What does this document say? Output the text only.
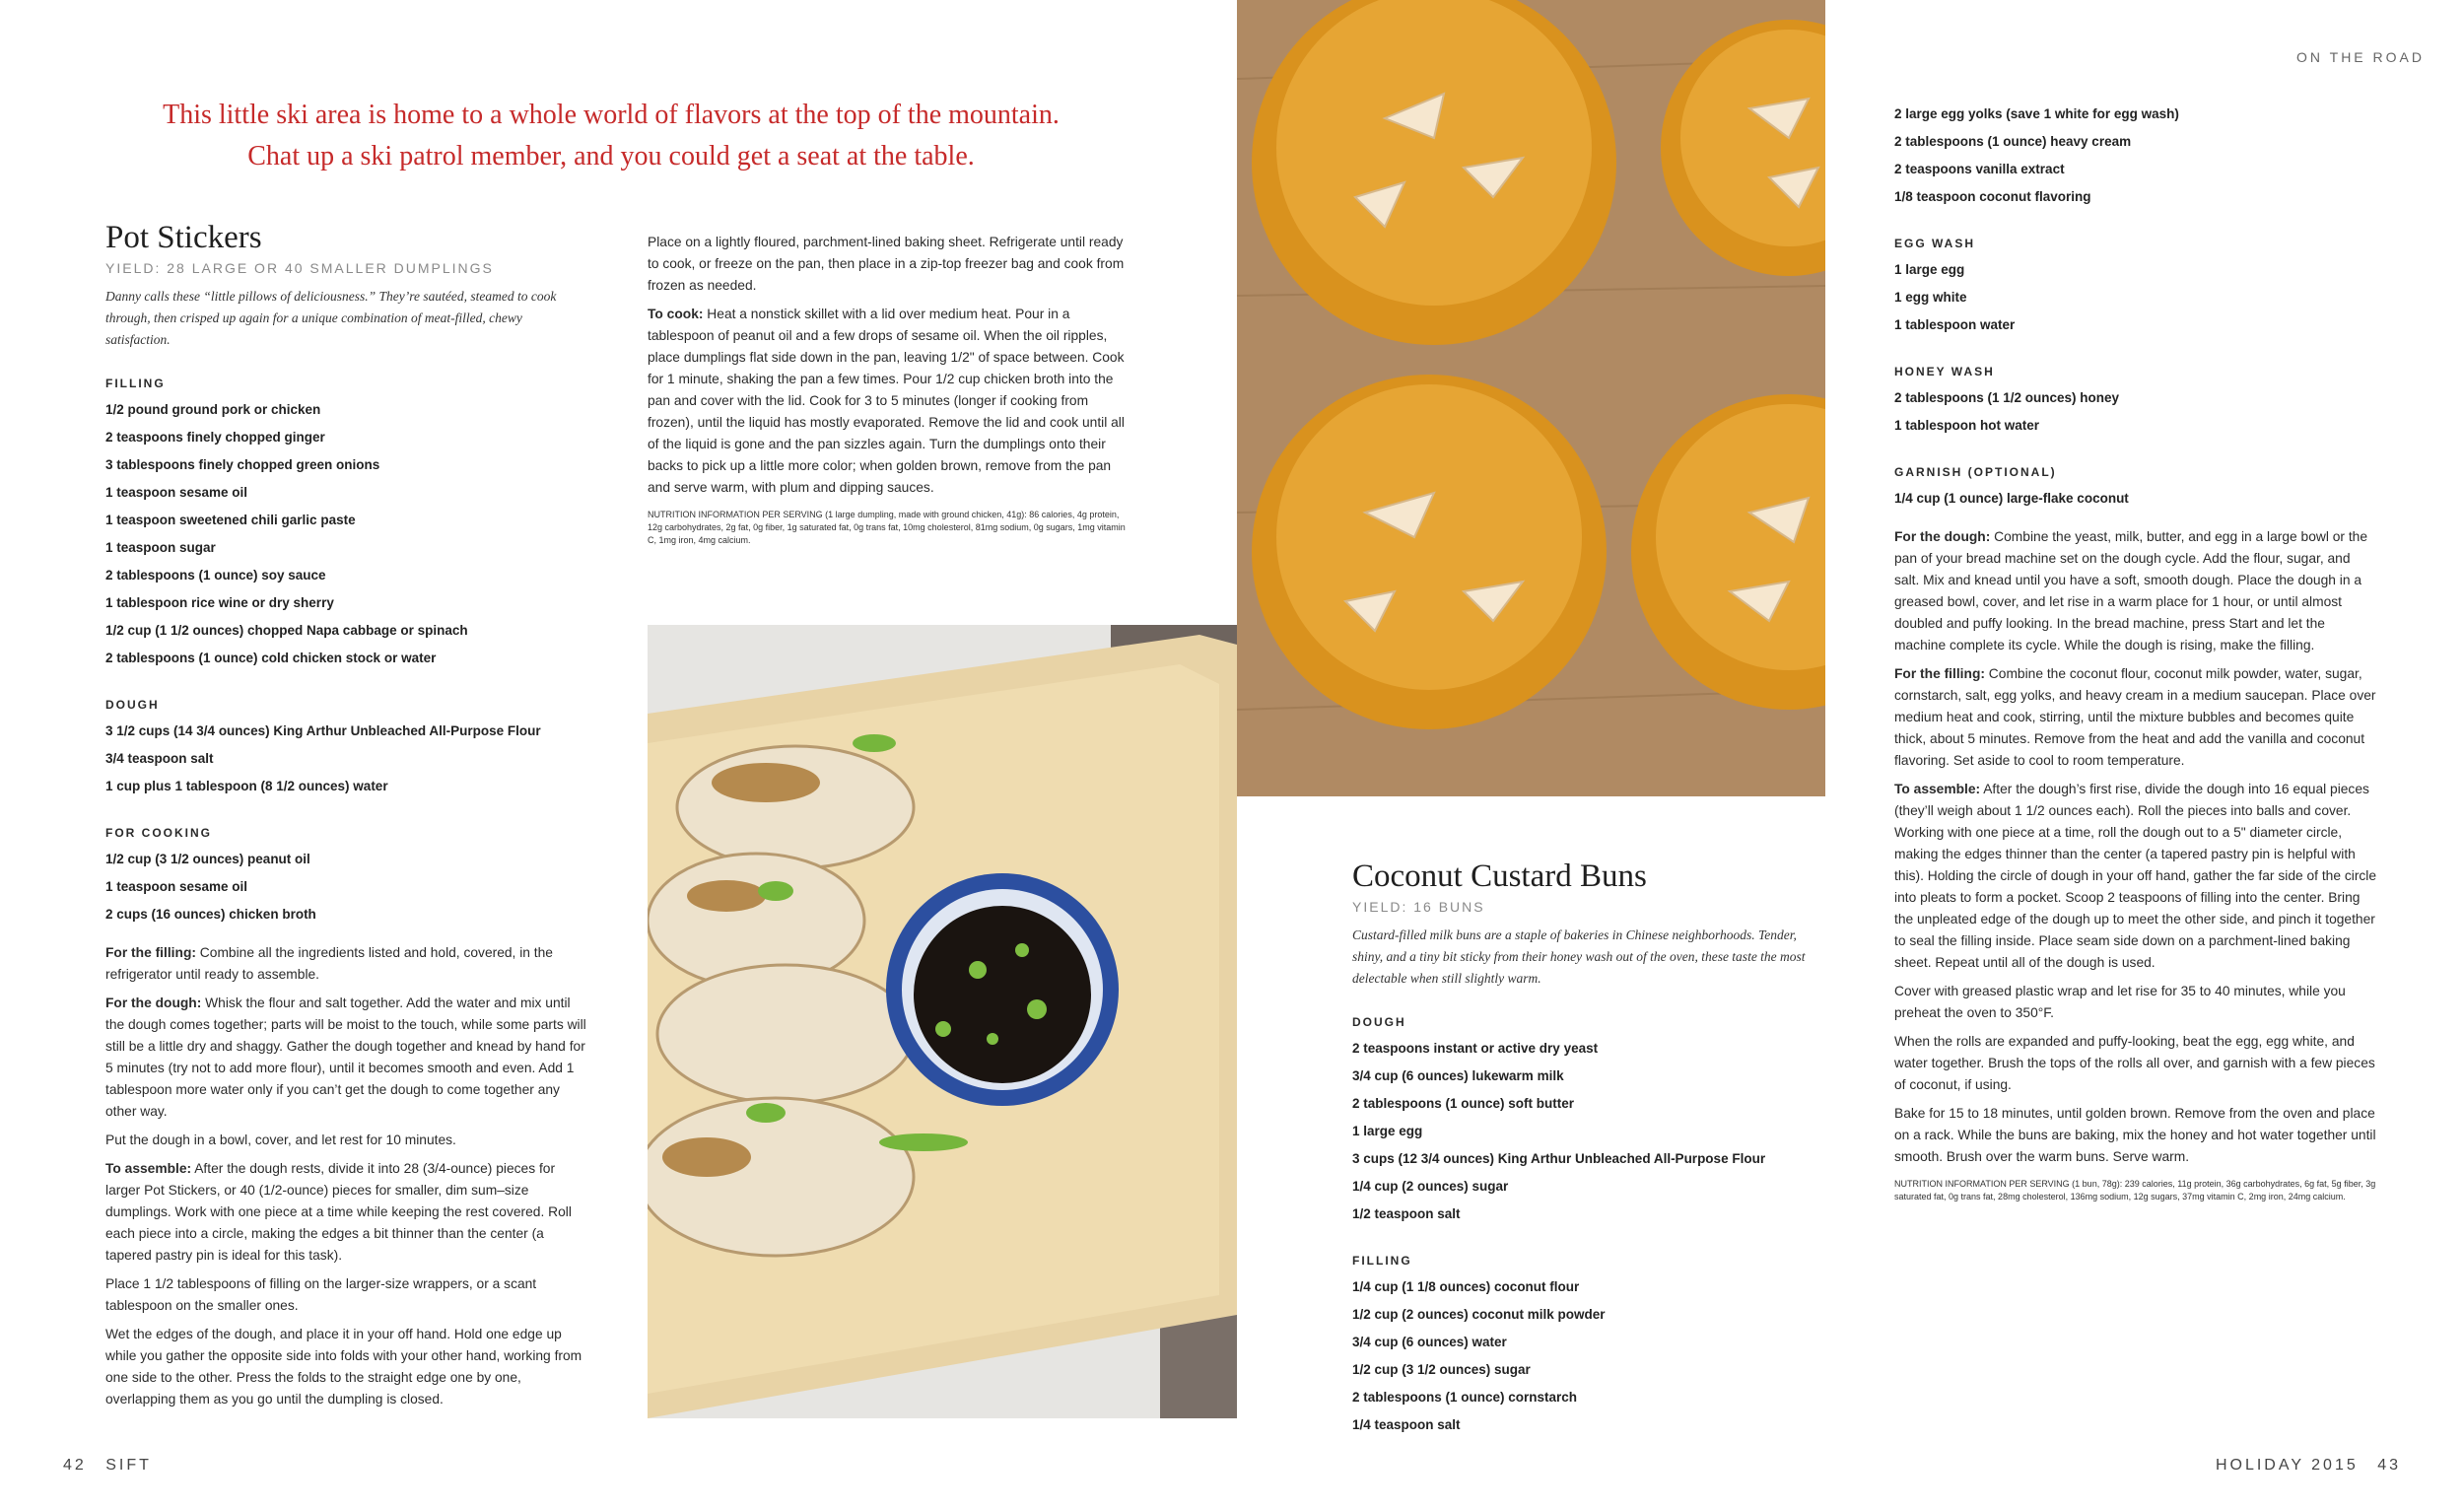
ON THE ROAD
This little ski area is home to a whole world of flavors at the top of the mountain.
Chat up a ski patrol member, and you could get a seat at the table.
Pot Stickers
YIELD: 28 LARGE OR 40 SMALLER DUMPLINGS
Danny calls these “little pillows of deliciousness.” They’re sautéed, steamed to cook through, then crisped up again for a unique combination of meat-filled, chewy satisfaction.
FILLING
1/2 pound ground pork or chicken
2 teaspoons finely chopped ginger
3 tablespoons finely chopped green onions
1 teaspoon sesame oil
1 teaspoon sweetened chili garlic paste
1 teaspoon sugar
2 tablespoons (1 ounce) soy sauce
1 tablespoon rice wine or dry sherry
1/2 cup (1 1/2 ounces) chopped Napa cabbage or spinach
2 tablespoons (1 ounce) cold chicken stock or water
DOUGH
3 1/2 cups (14 3/4 ounces) King Arthur Unbleached All-Purpose Flour
3/4 teaspoon salt
1 cup plus 1 tablespoon (8 1/2 ounces) water
FOR COOKING
1/2 cup (3 1/2 ounces) peanut oil
1 teaspoon sesame oil
2 cups (16 ounces) chicken broth
For the filling: Combine all the ingredients listed and hold, covered, in the refrigerator until ready to assemble.
For the dough: Whisk the flour and salt together. Add the water and mix until the dough comes together; parts will be moist to the touch, while some parts will still be a little dry and shaggy. Gather the dough together and knead by hand for 5 minutes (try not to add more flour), until it becomes smooth and even. Add 1 tablespoon more water only if you can’t get the dough to come together any other way.
Put the dough in a bowl, cover, and let rest for 10 minutes.
To assemble: After the dough rests, divide it into 28 (3/4-ounce) pieces for larger Pot Stickers, or 40 (1/2-ounce) pieces for smaller, dim sum–size dumplings. Work with one piece at a time while keeping the rest covered. Roll each piece into a circle, making the edges a bit thinner than the center (a tapered pastry pin is ideal for this task).
Place 1 1/2 tablespoons of filling on the larger-size wrappers, or a scant tablespoon on the smaller ones.
Wet the edges of the dough, and place it in your off hand. Hold one edge up while you gather the opposite side into folds with your other hand, working from one side to the other. Press the folds to the straight edge one by one, overlapping them as you go until the dumpling is closed.
Place on a lightly floured, parchment-lined baking sheet. Refrigerate until ready to cook, or freeze on the pan, then place in a zip-top freezer bag and cook from frozen as needed.
To cook: Heat a nonstick skillet with a lid over medium heat. Pour in a tablespoon of peanut oil and a few drops of sesame oil. When the oil ripples, place dumplings flat side down in the pan, leaving 1/2" of space between. Cook for 1 minute, shaking the pan a few times. Pour 1/2 cup chicken broth into the pan and cover with the lid. Cook for 3 to 5 minutes (longer if cooking from frozen), until the liquid has mostly evaporated. Remove the lid and cook until all of the liquid is gone and the pan sizzles again. Turn the dumplings onto their backs to pick up a little more color; when golden brown, remove from the pan and serve warm, with plum and dipping sauces.
NUTRITION INFORMATION PER SERVING (1 large dumpling, made with ground chicken, 41g): 86 calories, 4g protein, 12g carbohydrates, 2g fat, 0g fiber, 1g saturated fat, 0g trans fat, 10mg cholesterol, 81mg sodium, 0g sugars, 1mg vitamin C, 1mg iron, 4mg calcium.
Coconut Custard Buns
YIELD: 16 BUNS
Custard-filled milk buns are a staple of bakeries in Chinese neighborhoods. Tender, shiny, and a tiny bit sticky from their honey wash out of the oven, these taste the most delectable when still slightly warm.
DOUGH
2 teaspoons instant or active dry yeast
3/4 cup (6 ounces) lukewarm milk
2 tablespoons (1 ounce) soft butter
1 large egg
3 cups (12 3/4 ounces) King Arthur Unbleached All-Purpose Flour
1/4 cup (2 ounces) sugar
1/2 teaspoon salt
FILLING
1/4 cup (1 1/8 ounces) coconut flour
1/2 cup (2 ounces) coconut milk powder
3/4 cup (6 ounces) water
1/2 cup (3 1/2 ounces) sugar
2 tablespoons (1 ounce) cornstarch
1/4 teaspoon salt
2 large egg yolks (save 1 white for egg wash)
2 tablespoons (1 ounce) heavy cream
2 teaspoons vanilla extract
1/8 teaspoon coconut flavoring
EGG WASH
1 large egg
1 egg white
1 tablespoon water
HONEY WASH
2 tablespoons (1 1/2 ounces) honey
1 tablespoon hot water
GARNISH (OPTIONAL)
1/4 cup (1 ounce) large-flake coconut
For the dough: Combine the yeast, milk, butter, and egg in a large bowl or the pan of your bread machine set on the dough cycle. Add the flour, sugar, and salt. Mix and knead until you have a soft, smooth dough. Place the dough in a greased bowl, cover, and let rise in a warm place for 1 hour, or until almost doubled and puffy looking. In the bread machine, press Start and let the machine complete its cycle. While the dough is rising, make the filling.
For the filling: Combine the coconut flour, coconut milk powder, water, sugar, cornstarch, salt, egg yolks, and heavy cream in a medium saucepan. Place over medium heat and cook, stirring, until the mixture bubbles and becomes quite thick, about 5 minutes. Remove from the heat and add the vanilla and coconut flavoring. Set aside to cool to room temperature.
To assemble: After the dough’s first rise, divide the dough into 16 equal pieces (they’ll weigh about 1 1/2 ounces each). Roll the pieces into balls and cover. Working with one piece at a time, roll the dough out to a 5" diameter circle, making the edges thinner than the center (a tapered pastry pin is helpful with this). Holding the circle of dough in your off hand, gather the far side of the circle into pleats to form a pocket. Scoop 2 teaspoons of filling into the center. Bring the unpleated edge of the dough up to meet the other side, and pinch it together to seal the filling inside. Place seam side down on a parchment-lined baking sheet. Repeat until all of the dough is used.
Cover with greased plastic wrap and let rise for 35 to 40 minutes, while you preheat the oven to 350°F.
When the rolls are expanded and puffy-looking, beat the egg, egg white, and water together. Brush the tops of the rolls all over, and garnish with a few pieces of coconut, if using.
Bake for 15 to 18 minutes, until golden brown. Remove from the oven and place on a rack. While the buns are baking, mix the honey and hot water together until smooth. Brush over the warm buns. Serve warm.
NUTRITION INFORMATION PER SERVING (1 bun, 78g): 239 calories, 11g protein, 36g carbohydrates, 6g fat, 5g fiber, 3g saturated fat, 0g trans fat, 28mg cholesterol, 136mg sodium, 12g sugars, 37mg vitamin C, 2mg iron, 24mg calcium.
42 SIFT	HOLIDAY 2015 43
